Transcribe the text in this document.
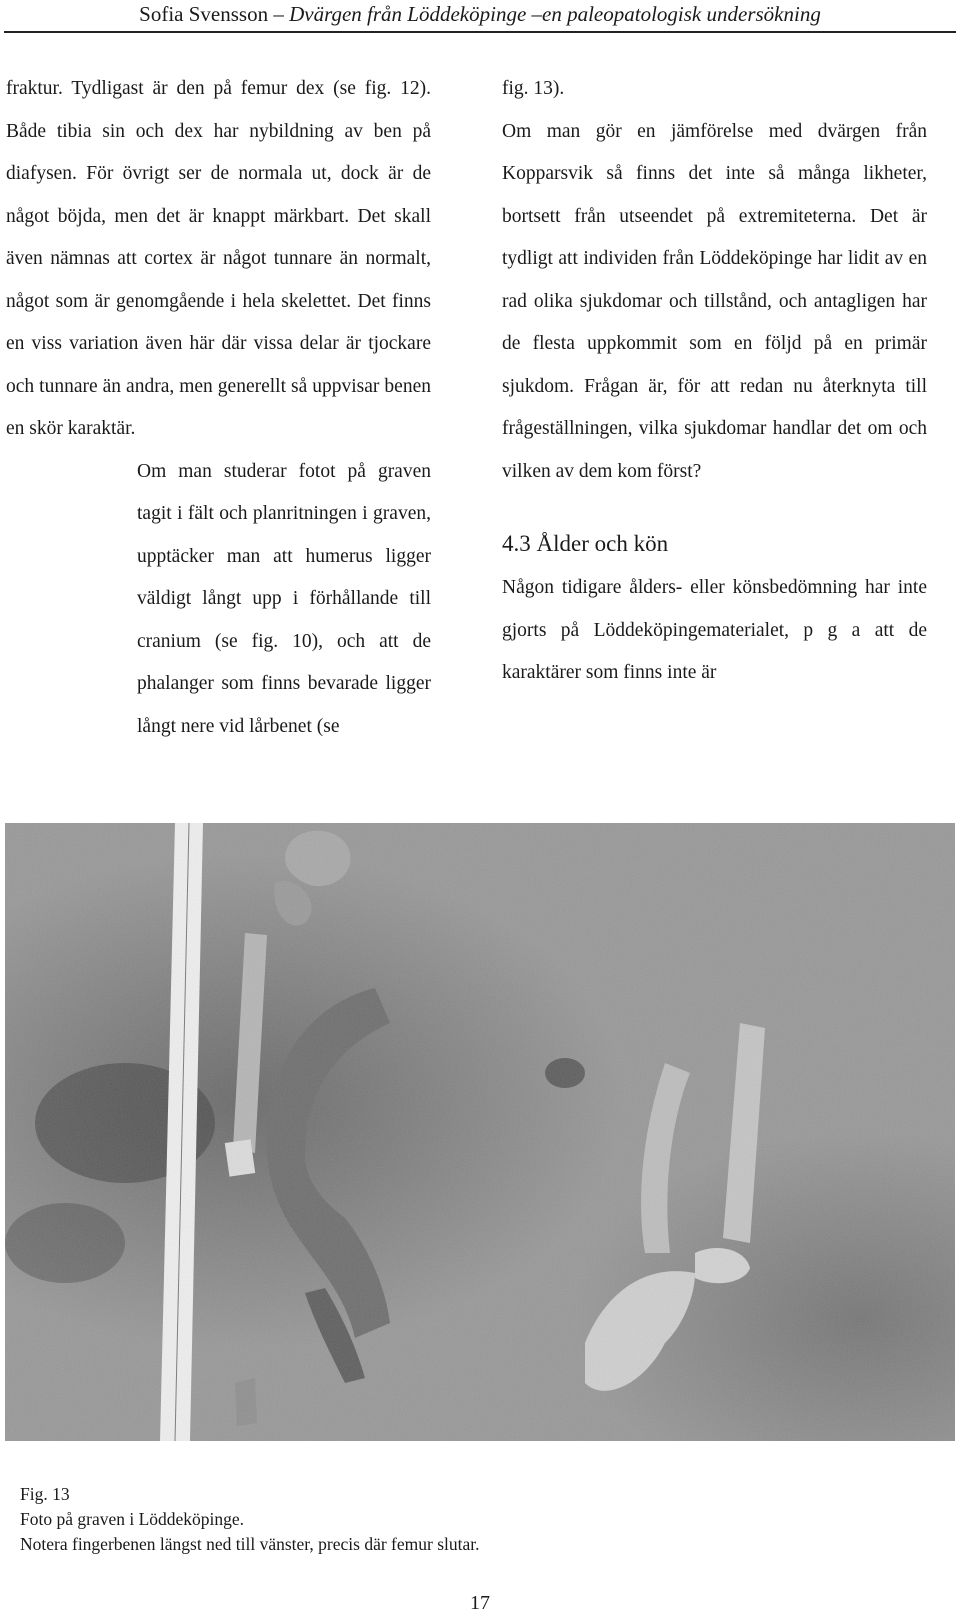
Sofia Svensson – Dvärgen från Löddeköpinge –en paleopatologisk undersökning

fraktur. Tydligast är den på femur dex (se fig. 12). Både tibia sin och dex har nybildning av ben på diafysen. För övrigt ser de normala ut, dock är de något böjda, men det är knappt märkbart. Det skall även nämnas att cortex är något tunnare än normalt, något som är genomgående i hela skelettet. Det finns en viss variation även här där vissa delar är tjockare och tunnare än andra, men generellt så uppvisar benen en skör karaktär.

Om man studerar fotot på graven tagit i fält och planritningen i graven, upptäcker man att humerus ligger väldigt långt upp i förhållande till cranium (se fig. 10), och att de phalanger som finns bevarade ligger långt nere vid lårbenet (se

fig. 13).

Om man gör en jämförelse med dvärgen från Kopparsvik så finns det inte så många likheter, bortsett från utseendet på extremiteterna. Det är tydligt att individen från Löddeköpinge har lidit av en rad olika sjukdomar och tillstånd, och antagligen har de flesta uppkommit som en följd på en primär sjukdom. Frågan är, för att redan nu återknyta till frågeställningen, vilka sjukdomar handlar det om och vilken av dem kom först?

4.3 Ålder och kön

Någon tidigare ålders- eller könsbedömning har inte gjorts på Löddeköpingematerialet, p g a att de karaktärer som finns inte är

Fig. 13
Foto på graven i Löddeköpinge.
Notera fingerbenen längst ned till vänster, precis där femur slutar.
17
